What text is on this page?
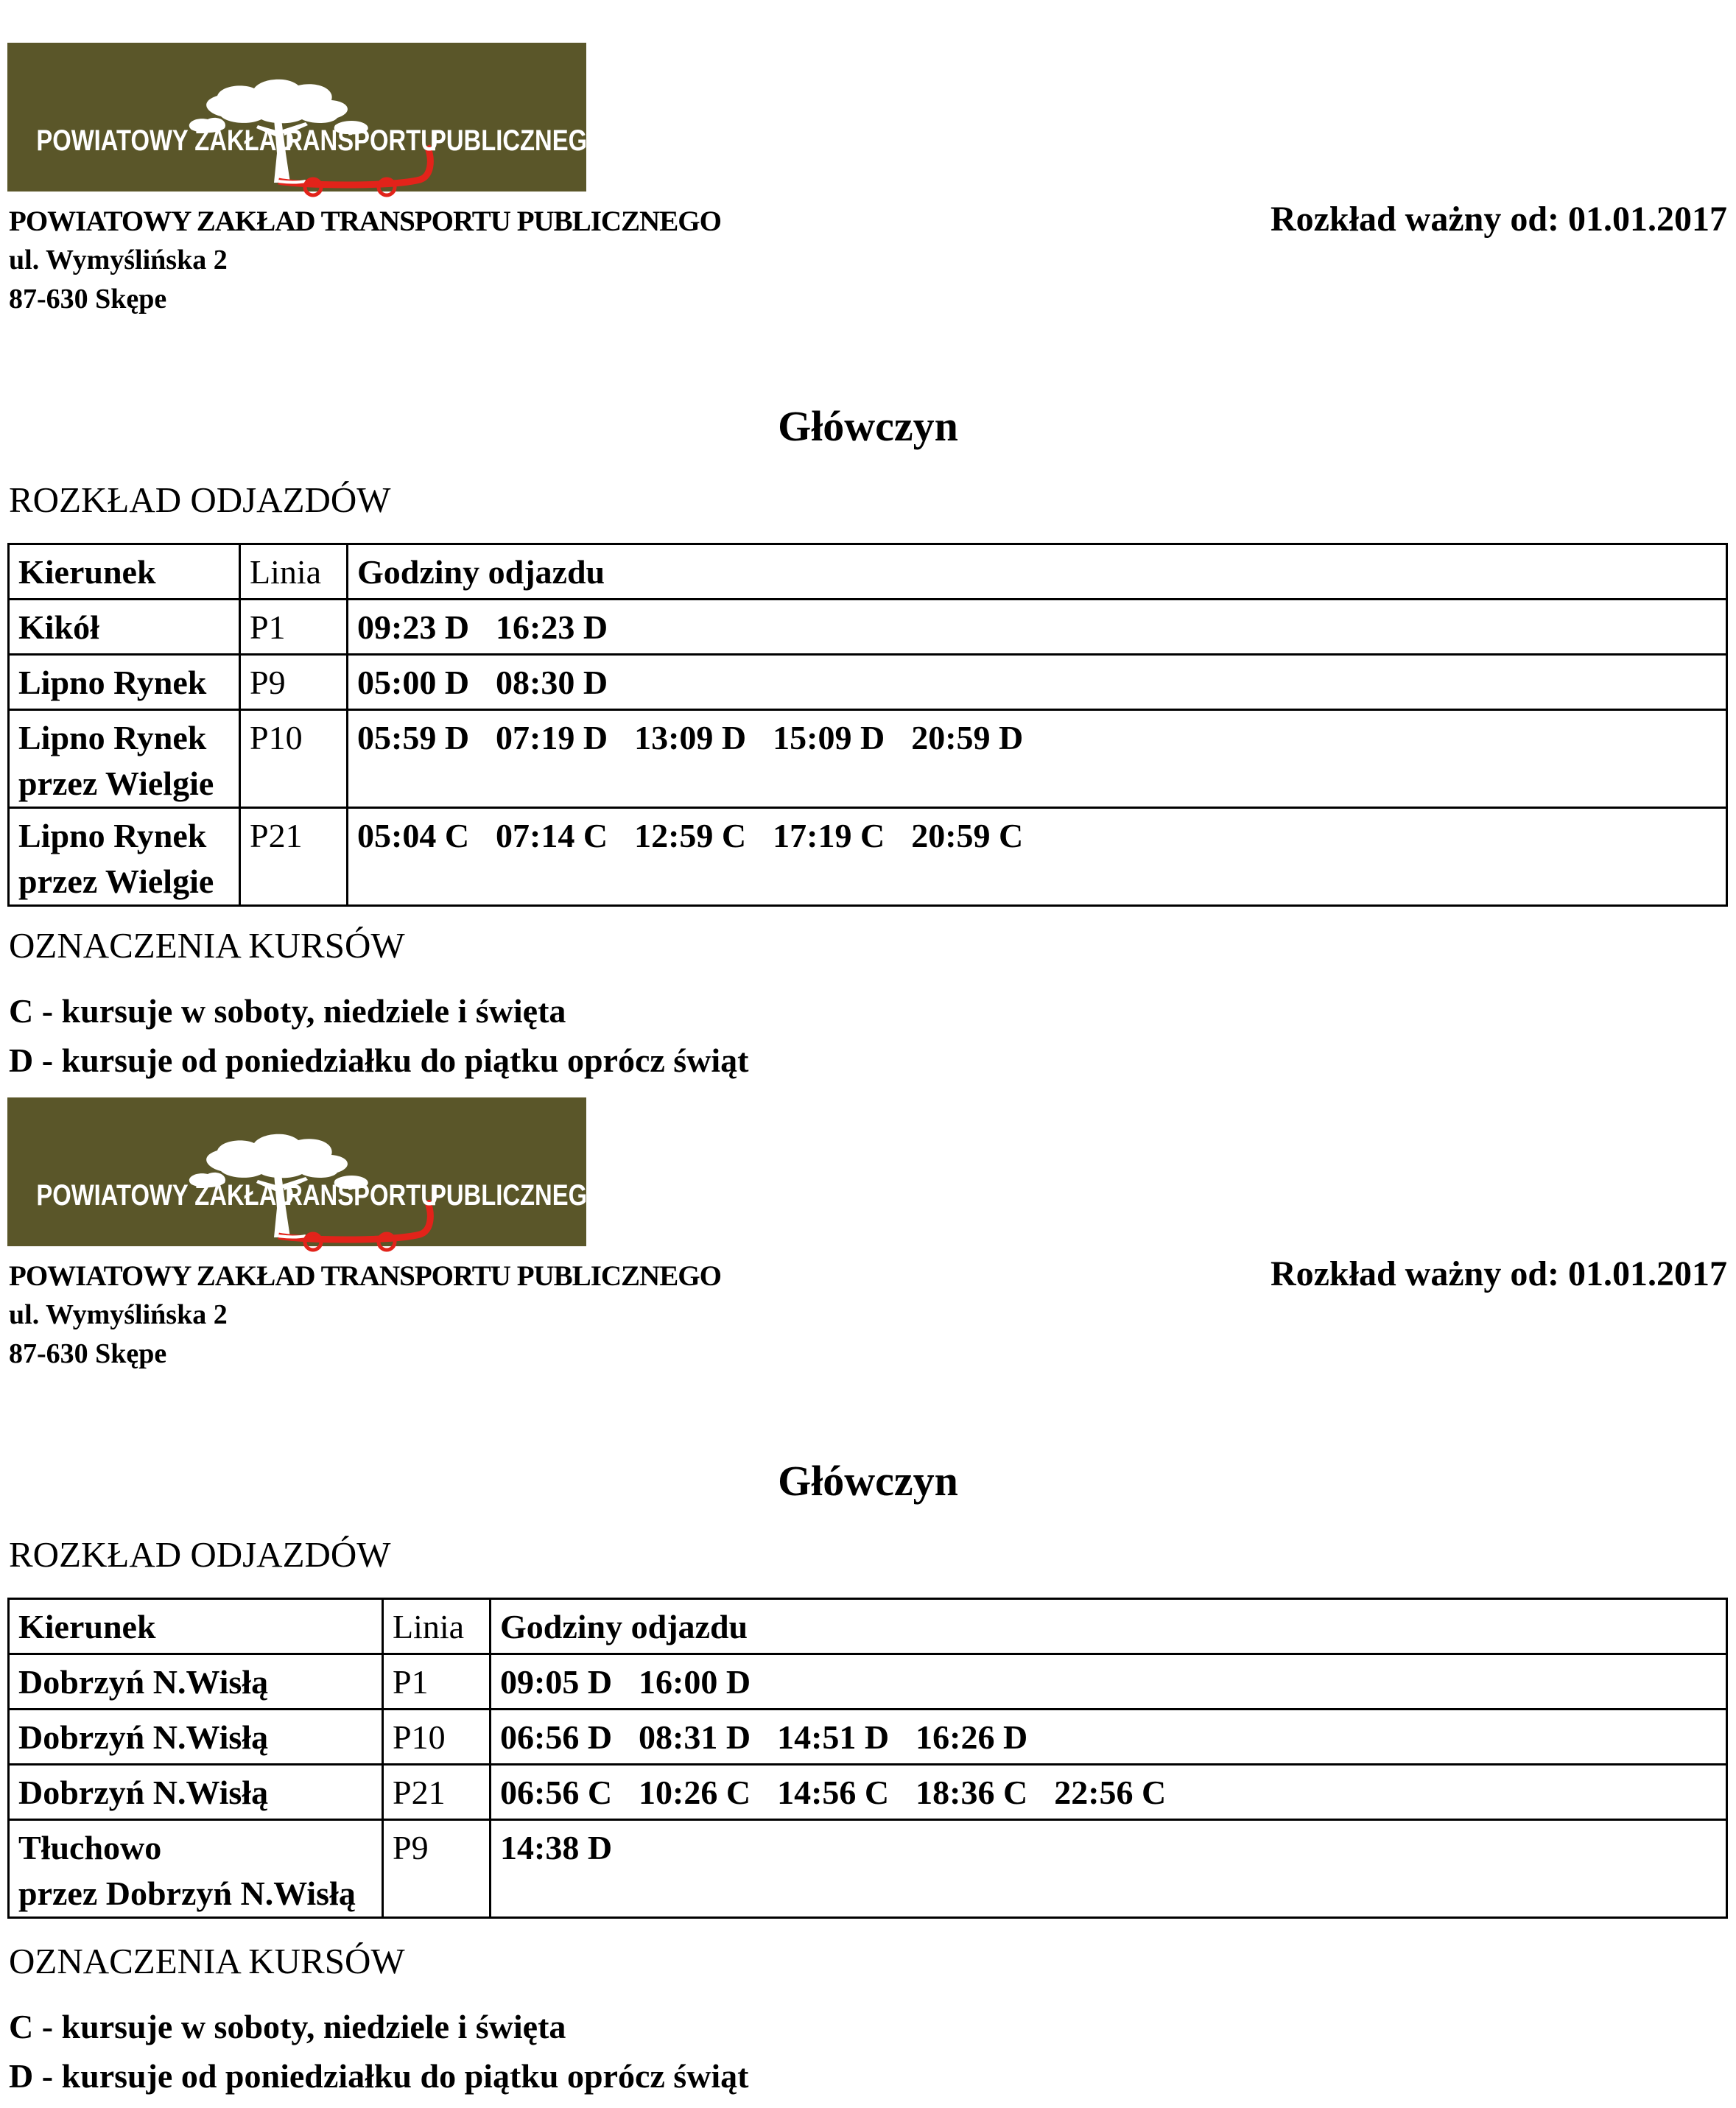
POWIATOWY ZAKŁAD
RANSPORTU
PUBLICZNEGO
POWIATOWY ZAKŁAD TRANSPORTU PUBLICZNEGO
ul. Wymyślińska 2
87-630 Skępe
Rozkład ważny od: 01.01.2017
Główczyn
ROZKŁAD ODJAZDÓW
Kierunek	Linia	Godziny odjazdu

Kikół	P1	09:23 D 16:23 D

Lipno Rynek	P9	05:00 D 08:30 D

Lipno Rynek
przez Wielgie	P10	05:59 D 07:19 D 13:09 D 15:09 D 20:59 D

Lipno Rynek
przez Wielgie	P21	05:04 C 07:14 C 12:59 C 17:19 C 20:59 C
OZNACZENIA KURSÓW
C - kursuje w soboty, niedziele i święta
D - kursuje od poniedziałku do piątku oprócz świąt
POWIATOWY ZAKŁAD
RANSPORTU
PUBLICZNEGO
POWIATOWY ZAKŁAD TRANSPORTU PUBLICZNEGO
ul. Wymyślińska 2
87-630 Skępe
Rozkład ważny od: 01.01.2017
Główczyn
ROZKŁAD ODJAZDÓW
Kierunek	Linia	Godziny odjazdu

Dobrzyń N.Wisłą	P1	09:05 D 16:00 D

Dobrzyń N.Wisłą	P10	06:56 D 08:31 D 14:51 D 16:26 D

Dobrzyń N.Wisłą	P21	06:56 C 10:26 C 14:56 C 18:36 C 22:56 C

Tłuchowo
przez Dobrzyń N.Wisłą	P9	14:38 D
OZNACZENIA KURSÓW
C - kursuje w soboty, niedziele i święta
D - kursuje od poniedziałku do piątku oprócz świąt
